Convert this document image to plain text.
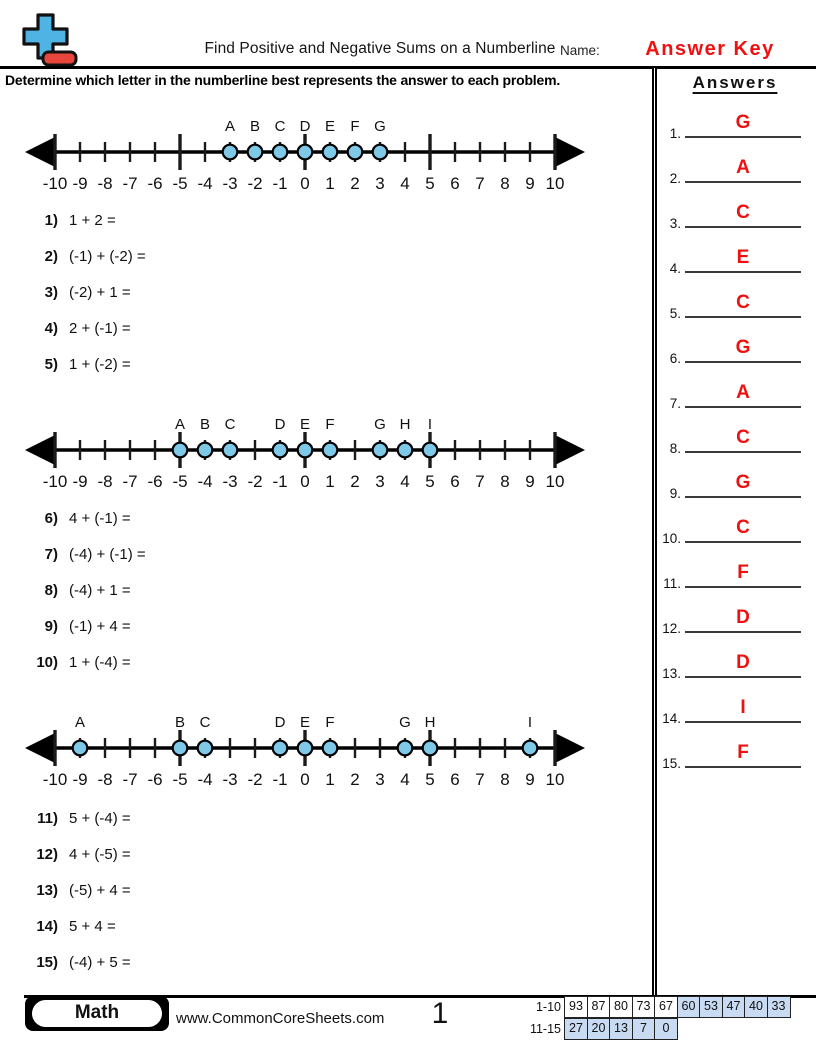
Find Positive and Negative Sums on a Numberline Name:	Answer Key
Determine which letter in the numberline best represents the answer to each problem.	Answers
1.
G
2.
A
3.
C
4.
E
5.
C
6.
G
7.
A
8.
C
9.
G
10.
C
11.
F
12.
D
13.
D
14.
I
15.
F
-10 -9 -8 -7 -6 -5 -4 -3 -2 -1 0 1 2 3 4 5 6 7 8 9 10
A B C D E F G
-10 -9 -8 -7 -6 -5 -4 -3 -2 -1 0 1 2 3 4 5 6 7 8 9 10
A B C	D E F	G H I
-10 -9 -8 -7 -6 -5 -4 -3 -2 -1 0 1 2 3 4 5 6 7 8 9 10
A	B C	D E F	G H	I
1) 1 + 2 =
2) (-1) + (-2) =
3) (-2) + 1 =
4) 2 + (-1) =
5) 1 + (-2) =
6) 4 + (-1) =
7) (-4) + (-1) =
8) (-4) + 1 =
9) (-1) + 4 =
10) 1 + (-4) =
11) 5 + (-4) =
12) 4 + (-5) =
13) (-5) + 4 =
14) 5 + 4 =
15) (-4) + 5 =
Math	www.CommonCoreSheets.com	1	1-10 93 87 80 73 67 60 53 47 40 33
11-15 27 20 13 7 0
